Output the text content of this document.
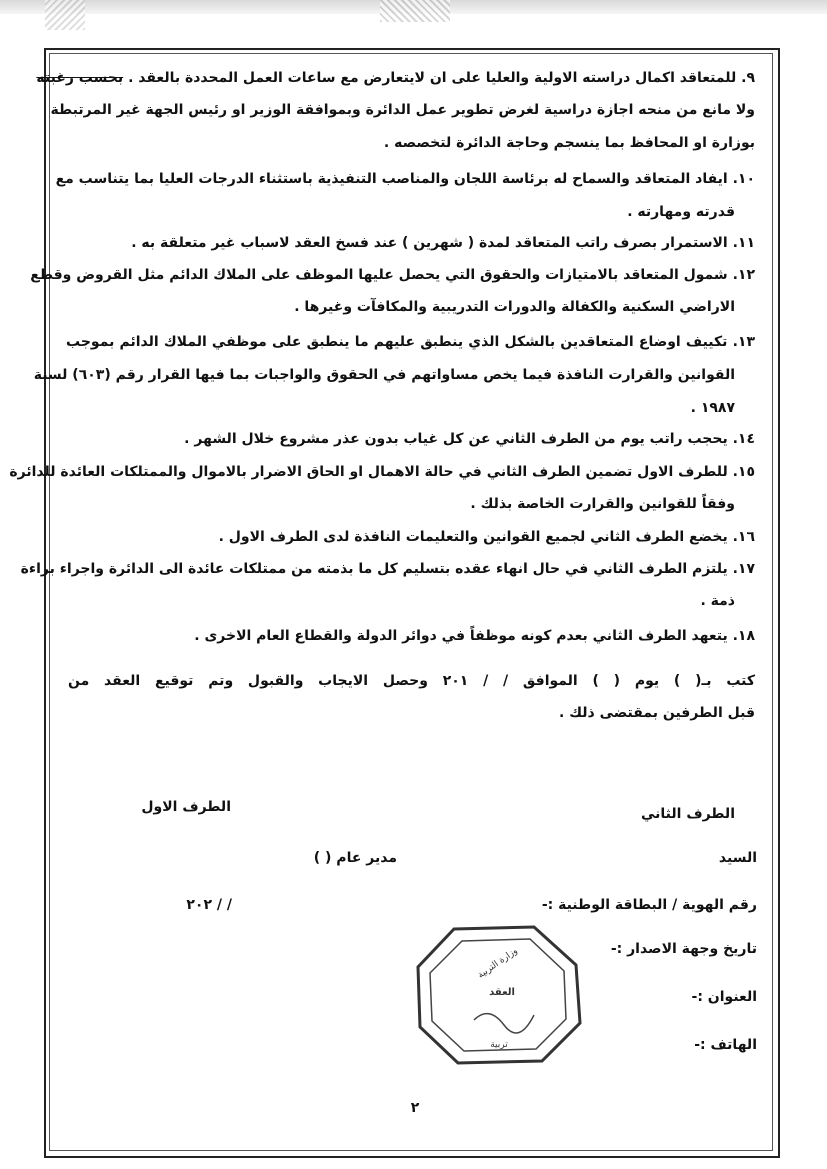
٩. للمتعاقد اكمال دراسته الاولية والعليا على ان لايتعارض مع ساعات العمل المحددة بالعقد . بحسب رغبته
ولا مانع من منحه اجازة دراسية لغرض تطوير عمل الدائرة وبموافقة الوزير او رئيس الجهة غير المرتبطة
بوزارة او المحافظ بما ينسجم وحاجة الدائرة لتخصصه .
١٠. ايفاد المتعاقد والسماح له برئاسة اللجان والمناصب التنفيذية باستثناء الدرجات العليا بما يتناسب مع
قدرته ومهارته .
١١. الاستمرار بصرف راتب المتعاقد لمدة ( شهرين ) عند فسخ العقد لاسباب غير متعلقة به .
١٢. شمول المتعاقد بالامتيازات والحقوق التي يحصل عليها الموظف على الملاك الدائم مثل القروض وقطع
الاراضي السكنية والكفالة والدورات التدريبية والمكافآت وغيرها .
١٣. تكييف اوضاع المتعاقدين بالشكل الذي ينطبق عليهم ما ينطبق على موظفي الملاك الدائم بموجب
القوانين والقرارت النافذة فيما يخص مساواتهم في الحقوق والواجبات بما فيها القرار رقم (٦٠٣) لسنة
١٩٨٧ .
١٤. يحجب راتب يوم من الطرف الثاني عن كل غياب بدون عذر مشروع خلال الشهر .
١٥. للطرف الاول تضمين الطرف الثاني في حالة الاهمال او الحاق الاضرار بالاموال والممتلكات العائدة للدائرة
وفقاً للقوانين والقرارت الخاصة بذلك .
١٦. يخضع الطرف الثاني لجميع القوانين والتعليمات النافذة لدى الطرف الاول .
١٧. يلتزم الطرف الثاني في حال انهاء عقده بتسليم كل ما بذمته من ممتلكات عائدة الى الدائرة واجراء براءة
ذمة .
١٨. يتعهد الطرف الثاني بعدم كونه موظفاً في دوائر الدولة والقطاع العام الاخرى .
كتب بـ( ) يوم ( ) الموافق / / ٢٠١ وحصل الايجاب والقبول وتم توقيع العقد من
قبل الطرفين بمقتضى ذلك .
الطرف الثاني
الطرف الاول
السيد
مدير عام ( )
/ / ٢٠٢	رقم الهوية / البطاقة الوطنية :-
تاريخ وجهة الاصدار :-
العنوان :-
الهاتف :-
وزارة التربية
العقد
تربية
٢
